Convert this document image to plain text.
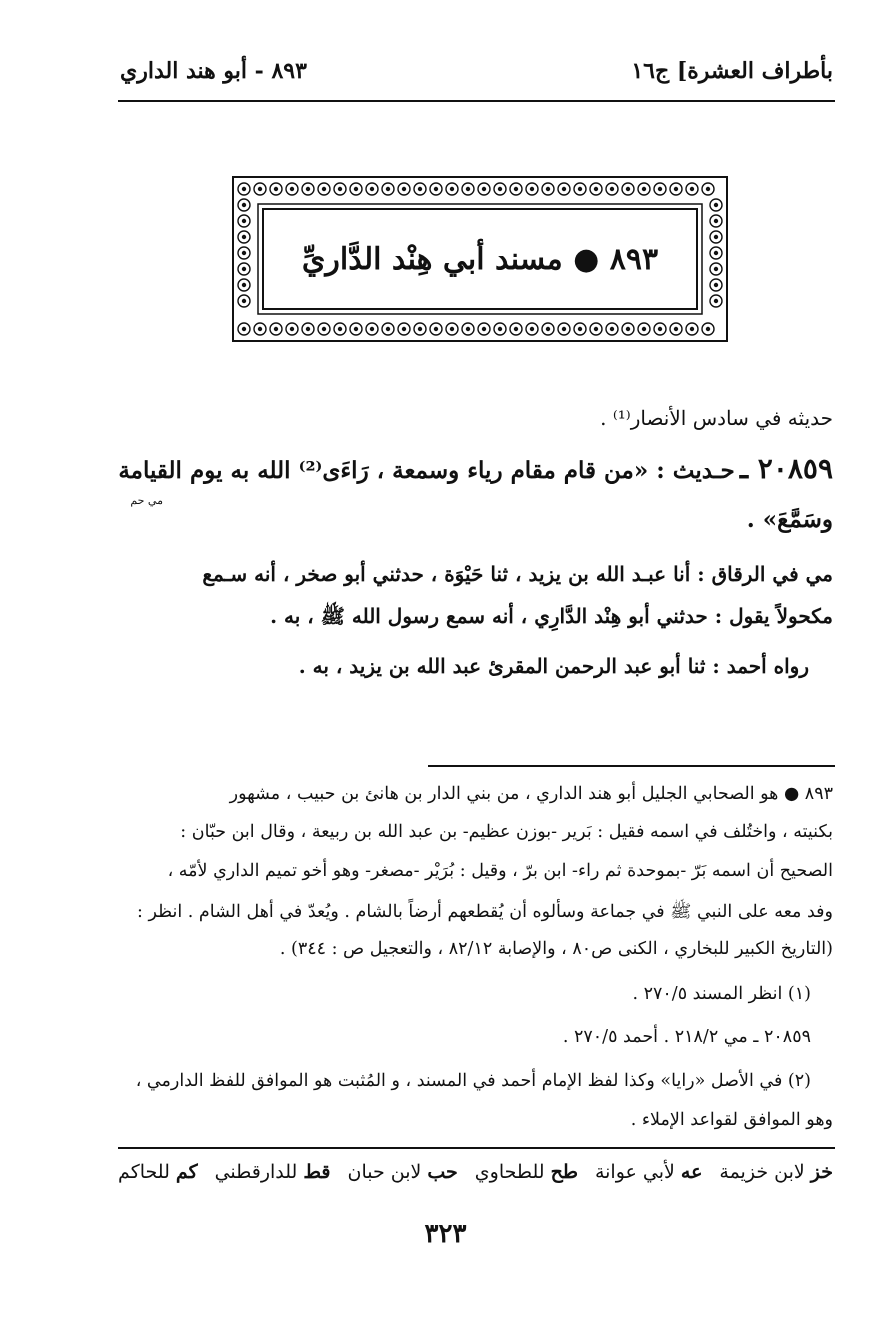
بأطراف العشرة] ج١٦
٨٩٣ - أبو هند الداري
٨٩٣ ● مسند أبي هِنْد الدَّاريِّ
حديثه في سادس الأنصار⁽¹⁾ .
٢٠٨٥٩ ـ حـديث : «من قام مقام رياء وسمعة ، رَاءَى⁽²⁾ الله به يوم القيامة
مي حم
وسَمَّعَ» .
مي في الرقاق : أنا عبـد الله بن يزيد ، ثنا حَيْوَة ، حدثني أبو صخر ، أنه سـمع
مكحولاً يقول : حدثني أبو هِنْد الدَّارِي ، أنه سمع رسول الله ﷺ ، به .
رواه أحمد : ثنا أبو عبد الرحمن المقرئ عبد الله بن يزيد ، به .
٨٩٣ ● هو الصحابي الجليل أبو هند الداري ، من بني الدار بن هانئ بن حبيب ، مشهور
بكنيته ، واختُلف في اسمه فقيل : بَرير -بوزن عظيم- بن عبد الله بن ربيعة ، وقال ابن حبّان :
الصحيح أن اسمه بَرّ -بموحدة ثم راء- ابن برّ ، وقيل : بُرَيْر -مصغر- وهو أخو تميم الداري لأمّه ،
وفد معه على النبي ﷺ في جماعة وسألوه أن يُقطعهم أرضاً بالشام . ويُعدّ في أهل الشام . انظر :
(التاريخ الكبير للبخاري ، الكنى ص٨٠ ، والإصابة ٨٢/١٢ ، والتعجيل ص : ٣٤٤) .
(١) انظر المسند ٢٧٠/٥ .
٢٠٨٥٩ ـ مي ٢١٨/٢ . أحمد ٢٧٠/٥ .
(٢) في الأصل «رايا» وكذا لفظ الإمام أحمد في المسند ، و المُثبت هو الموافق للفظ الدارمي ،
وهو الموافق لقواعد الإملاء .
خز لابن خزيمة
عه لأبي عوانة
طح للطحاوي
حب لابن حبان
قط للدارقطني
كم للحاكم
٣٢٣
